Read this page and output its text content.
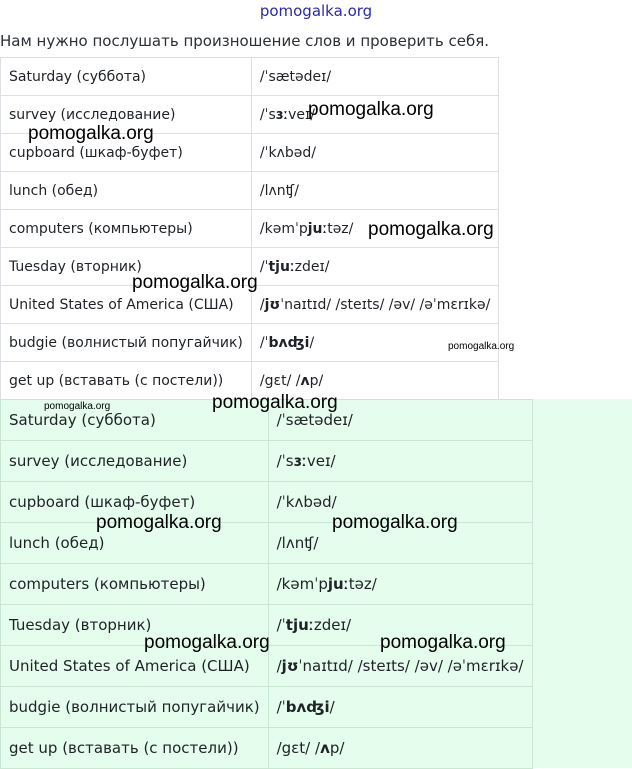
pomogalka.org
Нам нужно послушать произношение слов и проверить себя.
Saturday (суббота)	/ˈsætədeɪ/
survey (исследование)	/ˈsɜːveɪ/
cupboard (шкаф-буфет)	/ˈkʌbəd/
lunch (обед)	/lʌnʧ/
computers (компьютеры)	/kəmˈpjuːtəz/
Tuesday (вторник)	/ˈtjuːzdeɪ/
United States of America (США)	/jʊˈnaɪtɪd/ /steɪts/ /əv/ /əˈmɛrɪkə/
budgie (волнистый попугайчик)	/ˈbʌʤi/
get up (вставать (с постели))	/gɛt/ /ʌp/
Saturday (суббота)	/ˈsætədeɪ/
survey (исследование)	/ˈsɜːveɪ/
cupboard (шкаф-буфет)	/ˈkʌbəd/
lunch (обед)	/lʌnʧ/
computers (компьютеры)	/kəmˈpjuːtəz/
Tuesday (вторник)	/ˈtjuːzdeɪ/
United States of America (США)	/jʊˈnaɪtɪd/ /steɪts/ /əv/ /əˈmɛrɪkə/
budgie (волнистый попугайчик)	/ˈbʌʤi/
get up (вставать (с постели))	/gɛt/ /ʌp/
pomogalka.org
pomogalka.org
pomogalka.org
pomogalka.org
pomogalka.org
pomogalka.org	pomogalka.org
pomogalka.org	pomogalka.org
pomogalka.org	pomogalka.org
